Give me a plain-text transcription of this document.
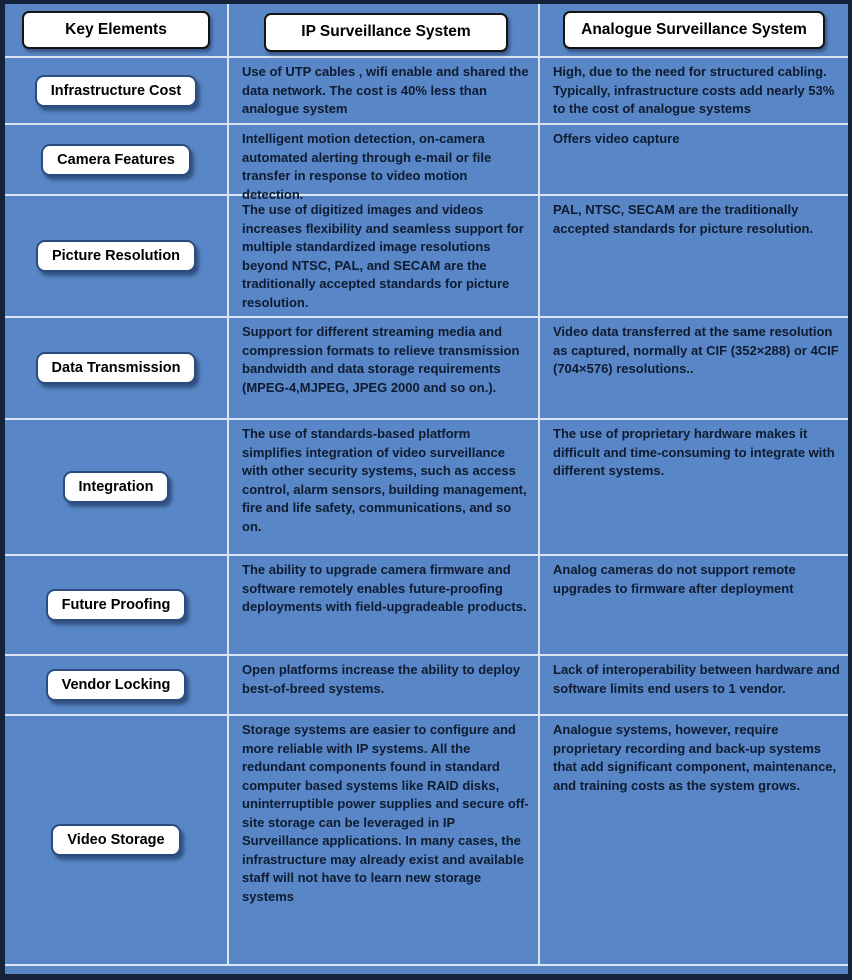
Key Elements	IP Surveillance System	Analogue Surveillance System
Infrastructure Cost
Use of UTP cables , wifi enable and shared the data network. The cost is 40% less than analogue system
High, due to the need for structured cabling. Typically, infrastructure costs add nearly 53% to the cost of analogue systems
Camera Features
Intelligent motion detection, on-camera automated alerting through e-mail or file transfer in response to video motion detection.
Offers video capture
Picture Resolution
The use of digitized images and videos increases flexibility and seamless support for multiple standardized image resolutions beyond NTSC, PAL, and SECAM are the traditionally accepted standards for picture resolution.
PAL, NTSC, SECAM are the traditionally accepted standards for picture resolution.
Data Transmission
Support for different streaming media and compression formats to relieve transmission bandwidth and data storage requirements (MPEG-4,MJPEG, JPEG 2000 and so on.).
Video data transferred at the same resolution as captured, normally at CIF (352×288) or 4CIF (704×576) resolutions..
Integration
The use of standards-based platform simplifies integration of video surveillance with other security systems, such as access control, alarm sensors, building management, fire and life safety, communications, and so on.
The use of proprietary hardware makes it difficult and time-consuming to integrate with different systems.
Future Proofing
The ability to upgrade camera firmware and software remotely enables future-proofing deployments with field-upgradeable products.
Analog cameras do not support remote upgrades to firmware after deployment
Vendor Locking
Open platforms increase the ability to deploy best-of-breed systems.
Lack of interoperability between hardware and software limits end users to 1 vendor.
Video Storage
Storage systems are easier to configure and more reliable with IP systems. All the redundant components found in standard computer based systems like RAID disks, uninterruptible power supplies and secure off-site storage can be leveraged in IP Surveillance applications. In many cases, the infrastructure may already exist and available staff will not have to learn new storage systems
Analogue systems, however, require proprietary recording and back-up systems that add significant component, maintenance, and training costs as the system grows.
